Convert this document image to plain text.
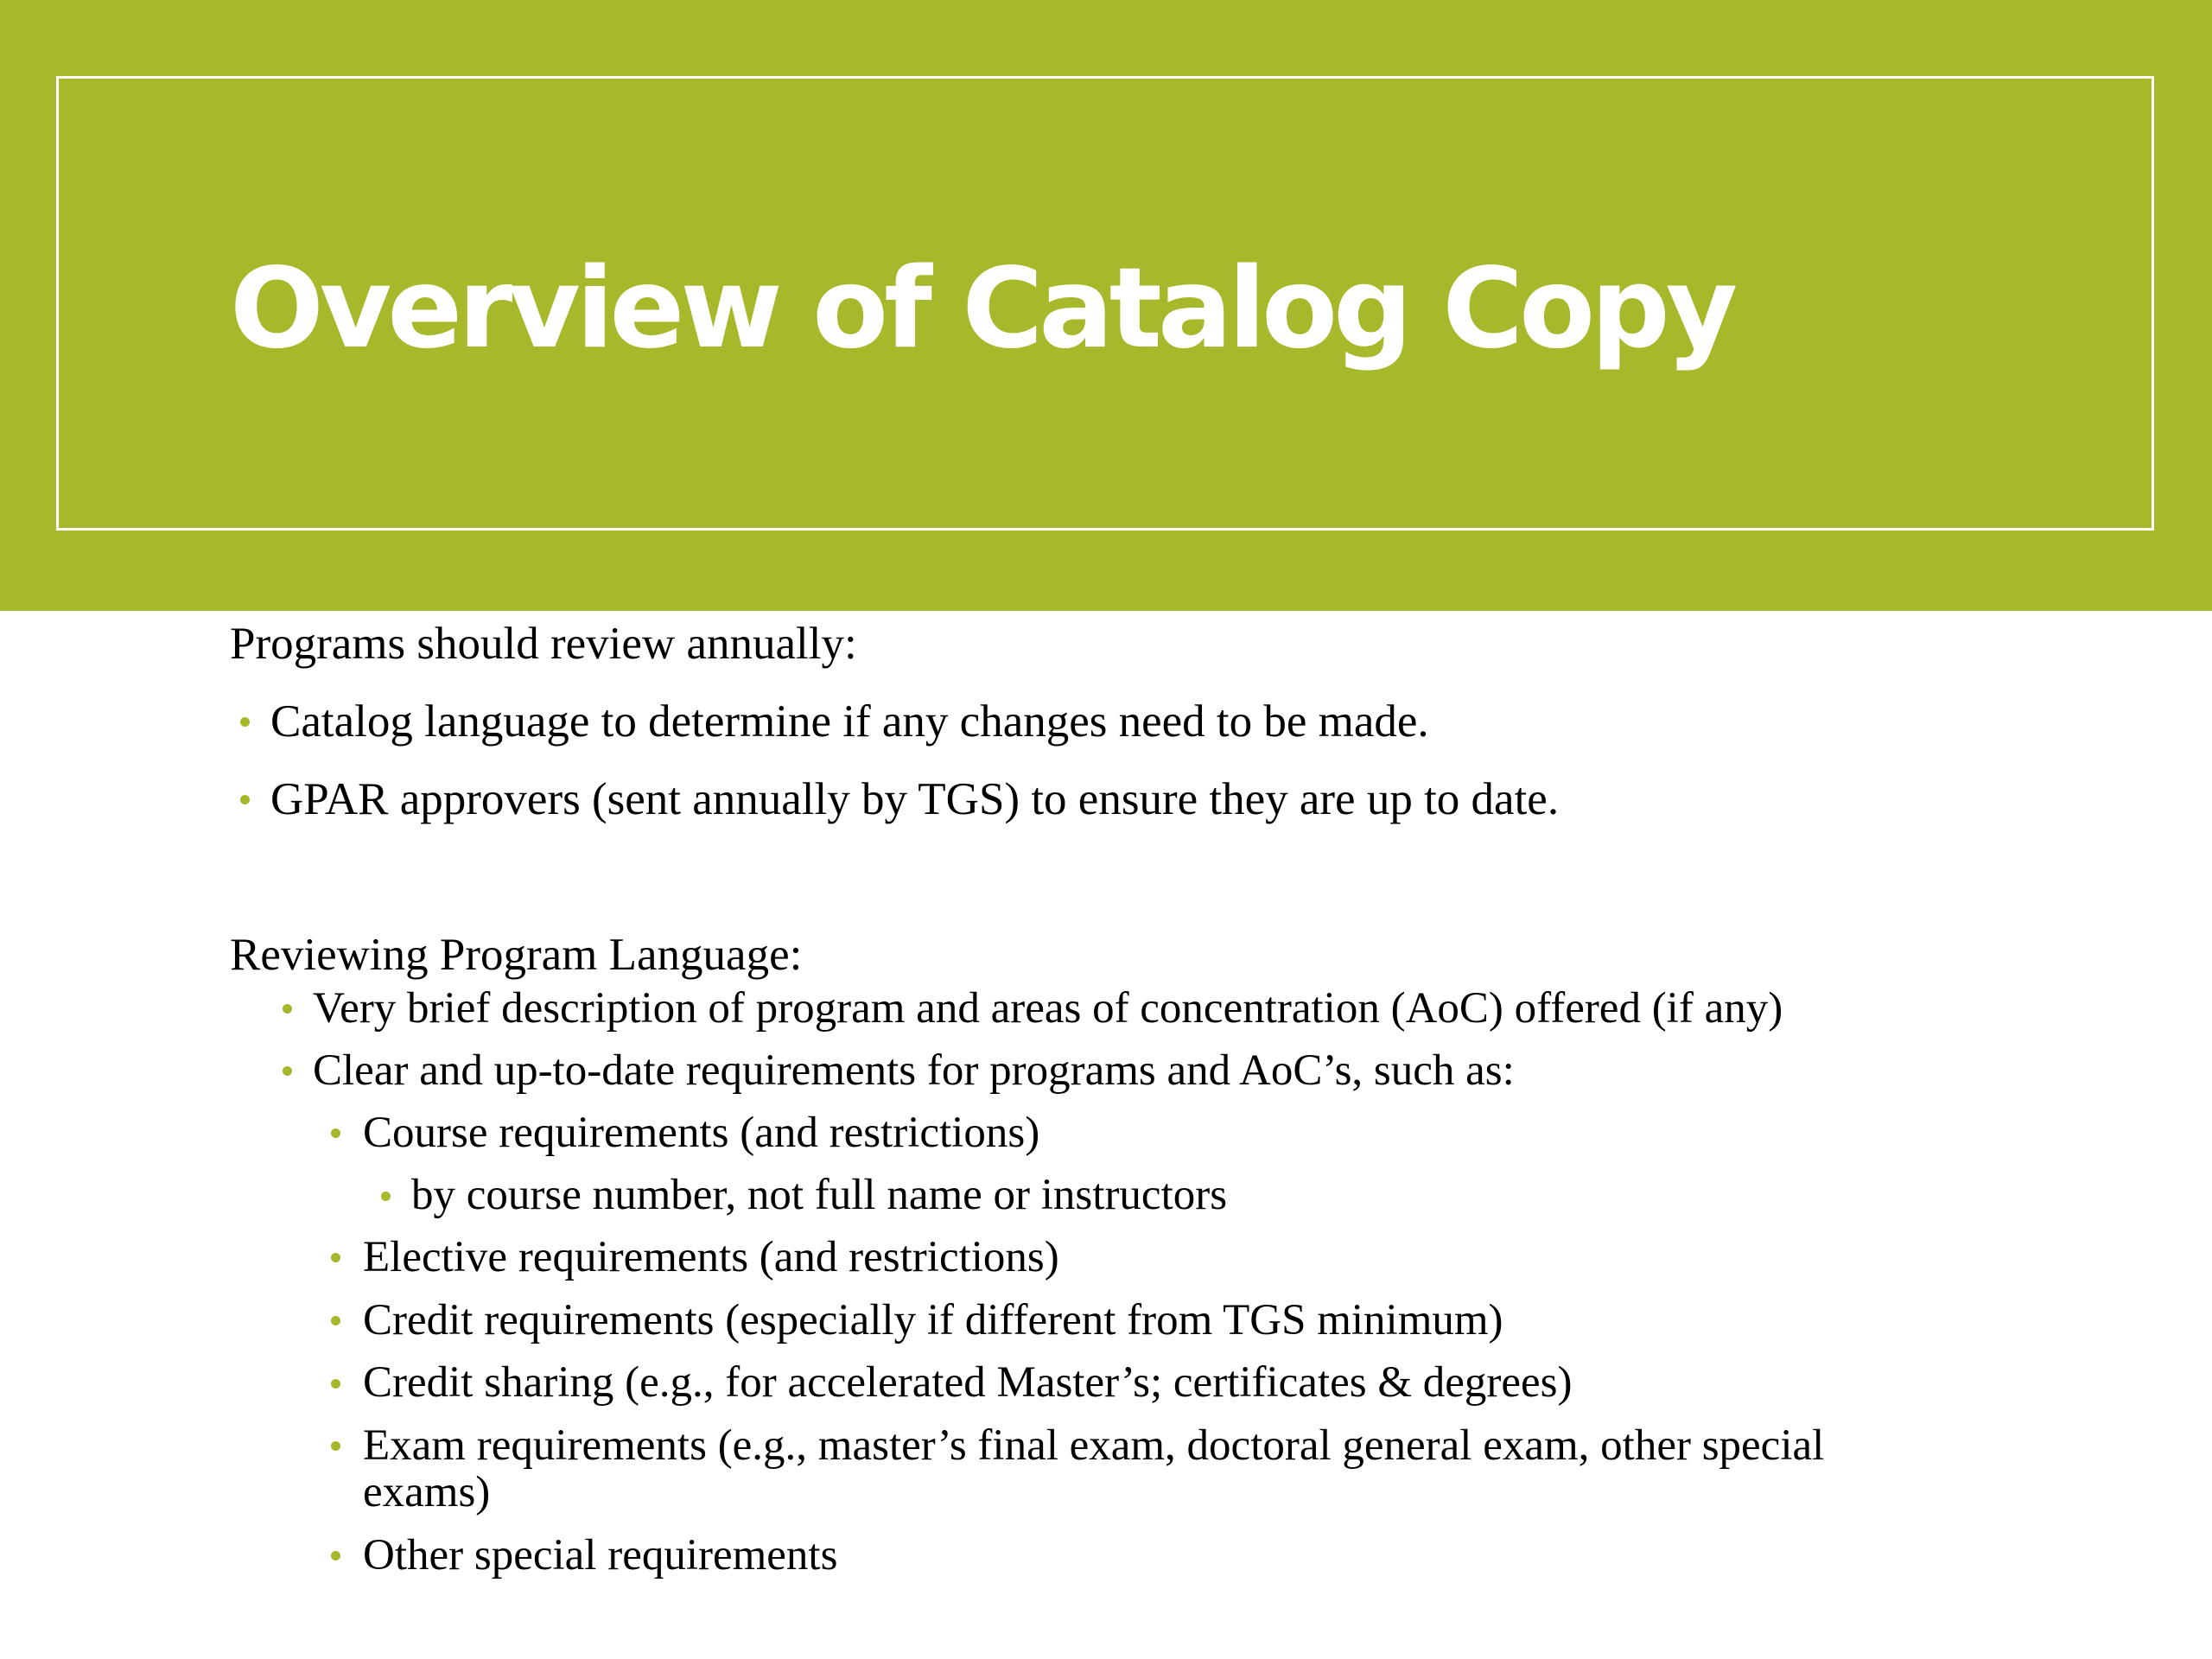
Overview of Catalog Copy

Programs should review annually:

Catalog language to determine if any changes need to be made.

GPAR approvers (sent annually by TGS) to ensure they are up to date.

Reviewing Program Language:

Very brief description of program and areas of concentration (AoC) offered (if any)

Clear and up-to-date requirements for programs and AoC’s, such as:

Course requirements (and restrictions)

by course number, not full name or instructors

Elective requirements (and restrictions)

Credit requirements (especially if different from TGS minimum)

Credit sharing (e.g., for accelerated Master’s; certificates & degrees)

Exam requirements (e.g., master’s final exam, doctoral general exam, other special

exams)

Other special requirements
